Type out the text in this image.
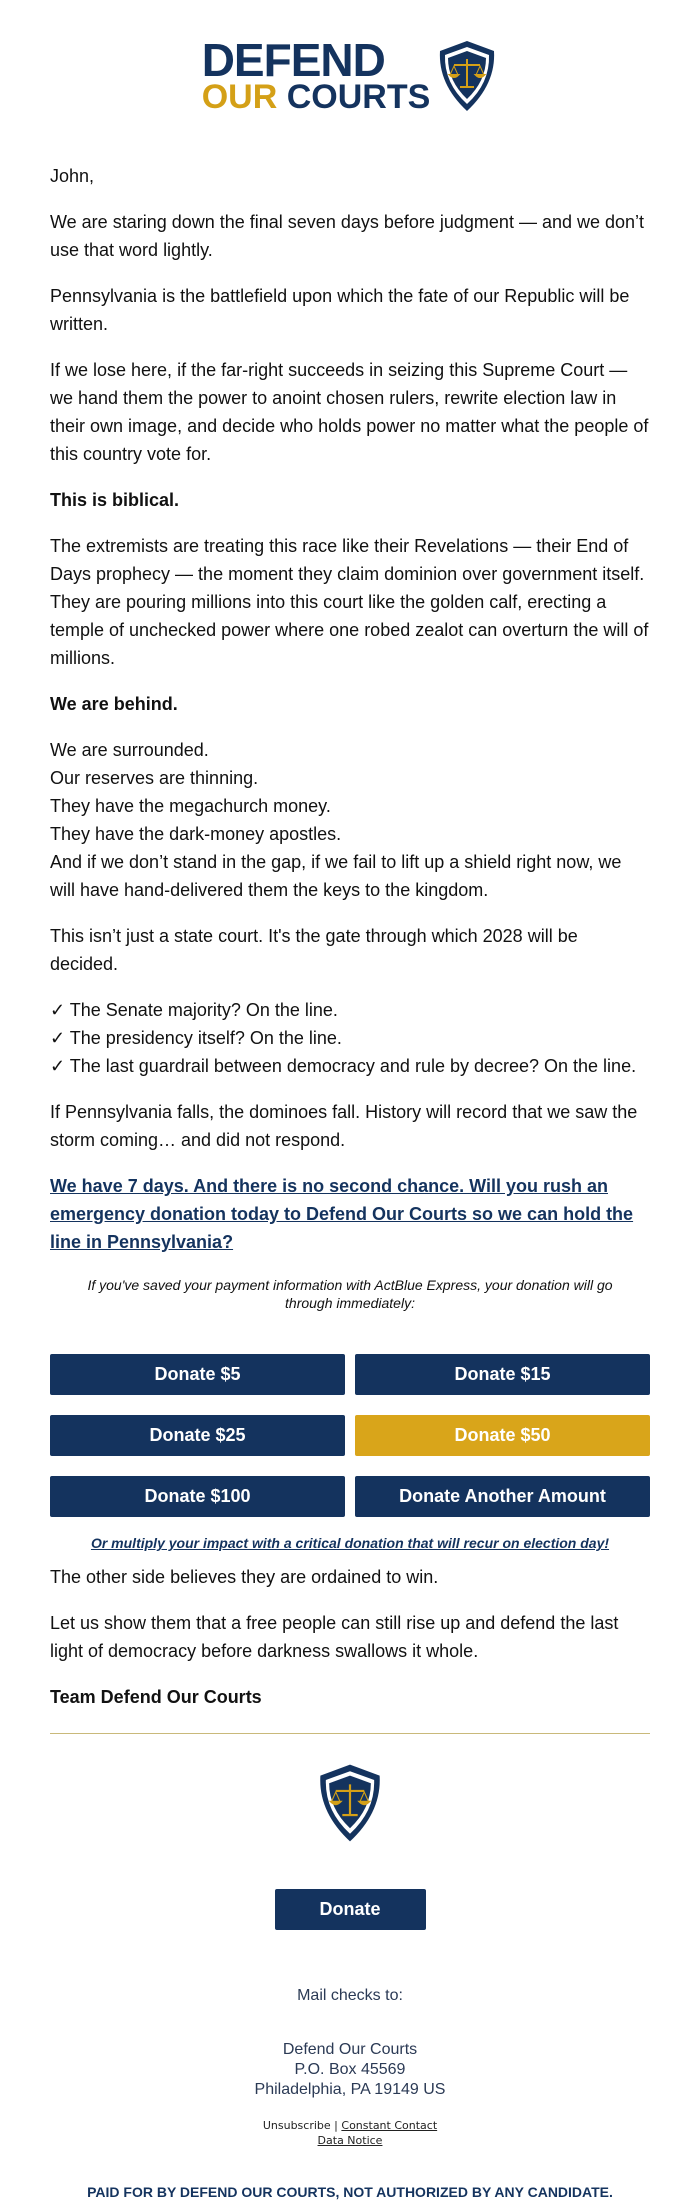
DEFEND
OUR COURTS

John,

We are staring down the final seven days before judgment — and we don’t use that word lightly.

Pennsylvania is the battlefield upon which the fate of our Republic will be written.

If we lose here, if the far-right succeeds in seizing this Supreme Court — we hand them the power to anoint chosen rulers, rewrite election law in their own image, and decide who holds power no matter what the people of this country vote for.

This is biblical.

The extremists are treating this race like their Revelations — their End of Days prophecy — the moment they claim dominion over government itself. They are pouring millions into this court like the golden calf, erecting a temple of unchecked power where one robed zealot can overturn the will of millions.

We are behind.

We are surrounded.

Our reserves are thinning.

They have the megachurch money.

They have the dark-money apostles.

And if we don’t stand in the gap, if we fail to lift up a shield right now, we will have hand-delivered them the keys to the kingdom.

This isn’t just a state court. It's the gate through which 2028 will be decided.

✓ The Senate majority? On the line.

✓ The presidency itself? On the line.

✓ The last guardrail between democracy and rule by decree? On the line.

If Pennsylvania falls, the dominoes fall. History will record that we saw the storm coming… and did not respond.

We have 7 days. And there is no second chance. Will you rush an emergency donation today to Defend Our Courts so we can hold the line in Pennsylvania?
If you've saved your payment information with ActBlue Express, your donation will go through immediately:
Donate $5	Donate $15
Donate $25	Donate $50
Donate $100	Donate Another Amount
Or multiply your impact with a critical donation that will recur on election day!

The other side believes they are ordained to win.

Let us show them that a free people can still rise up and defend the last light of democracy before darkness swallows it whole.

Team Defend Our Courts

Donate
Mail checks to:
Defend Our Courts
P.O. Box 45569
Philadelphia, PA 19149 US
Unsubscribe | Constant Contact
Data Notice
PAID FOR BY DEFEND OUR COURTS, NOT AUTHORIZED BY ANY CANDIDATE.
